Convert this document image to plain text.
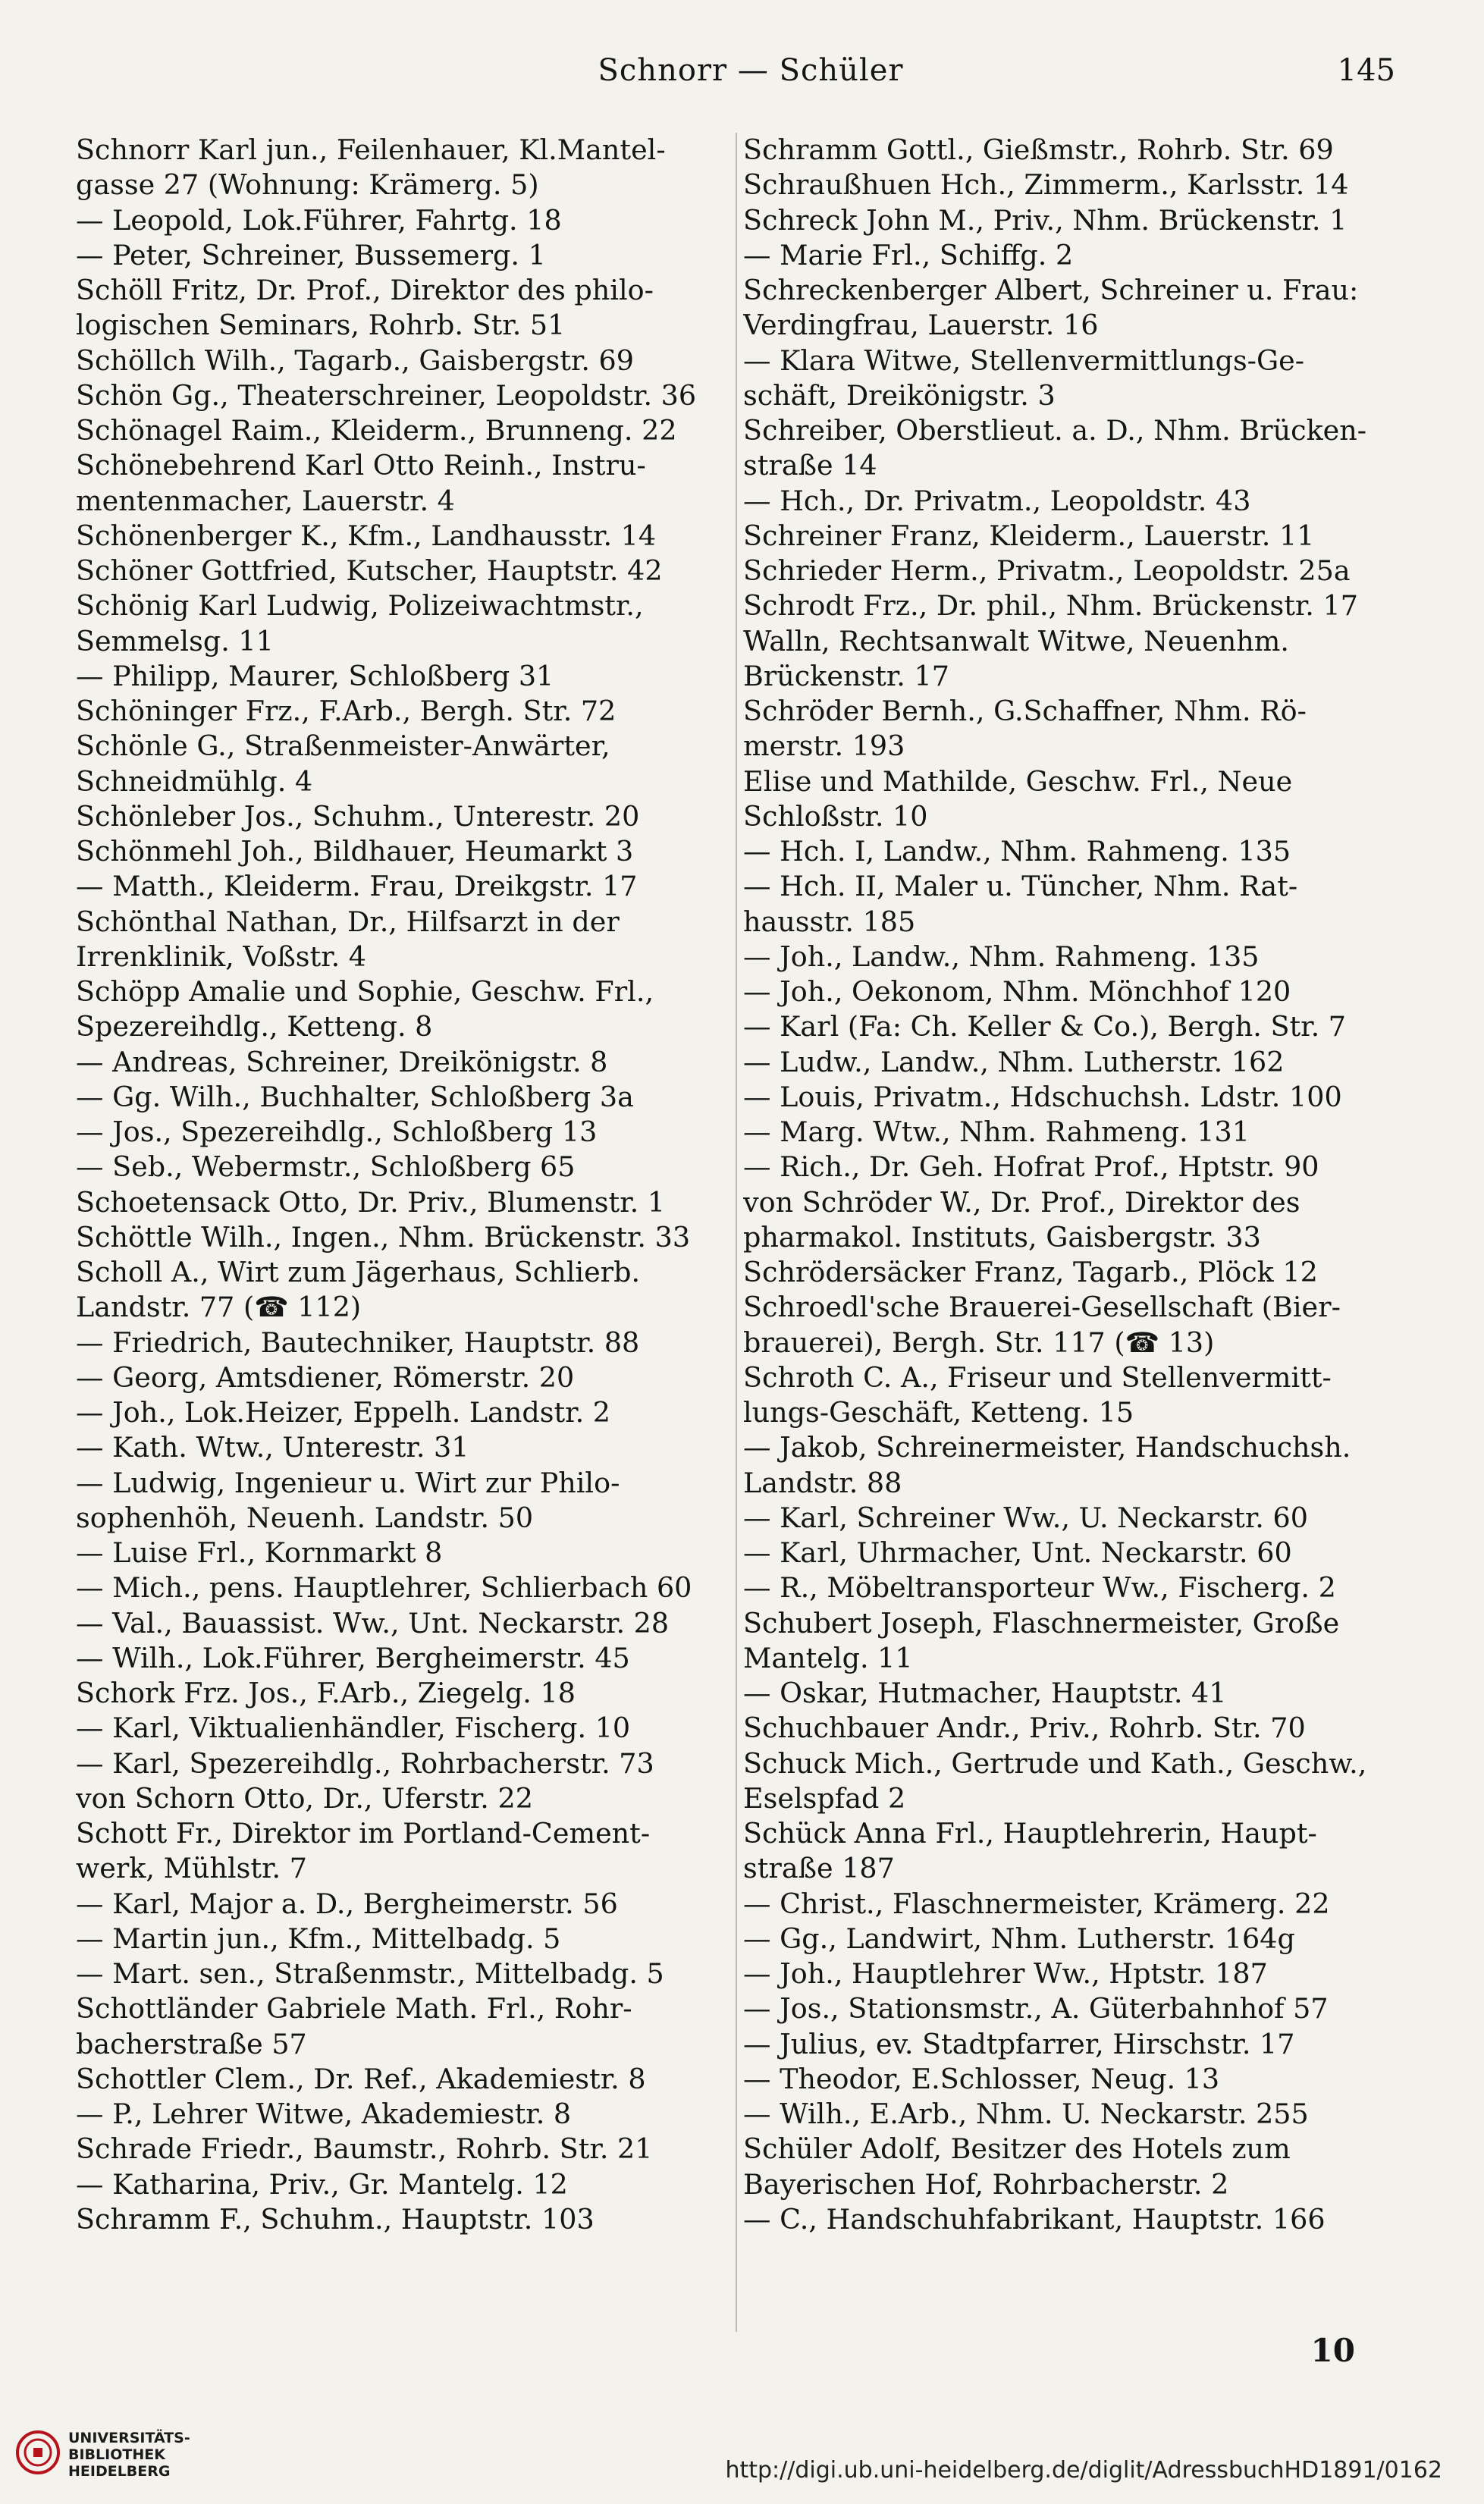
Schnorr — Schüler	145

Schnorr Karl jun., Feilenhauer, Kl.Mantel-

gasse 27 (Wohnung: Krämerg. 5)

— Leopold, Lok.Führer, Fahrtg. 18

— Peter, Schreiner, Bussemerg. 1

Schöll Fritz, Dr. Prof., Direktor des philo-

logischen Seminars, Rohrb. Str. 51

Schöllch Wilh., Tagarb., Gaisbergstr. 69

Schön Gg., Theaterschreiner, Leopoldstr. 36

Schönagel Raim., Kleiderm., Brunneng. 22

Schönebehrend Karl Otto Reinh., Instru-

mentenmacher, Lauerstr. 4

Schönenberger K., Kfm., Landhausstr. 14

Schöner Gottfried, Kutscher, Hauptstr. 42

Schönig Karl Ludwig, Polizeiwachtmstr.,

Semmelsg. 11

— Philipp, Maurer, Schloßberg 31

Schöninger Frz., F.Arb., Bergh. Str. 72

Schönle G., Straßenmeister-Anwärter,

Schneidmühlg. 4

Schönleber Jos., Schuhm., Unterestr. 20

Schönmehl Joh., Bildhauer, Heumarkt 3

— Matth., Kleiderm. Frau, Dreikgstr. 17

Schönthal Nathan, Dr., Hilfsarzt in der

Irrenklinik, Voßstr. 4

Schöpp Amalie und Sophie, Geschw. Frl.,

Spezereihdlg., Ketteng. 8

— Andreas, Schreiner, Dreikönigstr. 8

— Gg. Wilh., Buchhalter, Schloßberg 3a

— Jos., Spezereihdlg., Schloßberg 13

— Seb., Webermstr., Schloßberg 65

Schoetensack Otto, Dr. Priv., Blumenstr. 1

Schöttle Wilh., Ingen., Nhm. Brückenstr. 33

Scholl A., Wirt zum Jägerhaus, Schlierb.

Landstr. 77 (☎ 112)

— Friedrich, Bautechniker, Hauptstr. 88

— Georg, Amtsdiener, Römerstr. 20

— Joh., Lok.Heizer, Eppelh. Landstr. 2

— Kath. Wtw., Unterestr. 31

— Ludwig, Ingenieur u. Wirt zur Philo-

sophenhöh, Neuenh. Landstr. 50

— Luise Frl., Kornmarkt 8

— Mich., pens. Hauptlehrer, Schlierbach 60

— Val., Bauassist. Ww., Unt. Neckarstr. 28

— Wilh., Lok.Führer, Bergheimerstr. 45

Schork Frz. Jos., F.Arb., Ziegelg. 18

— Karl, Viktualienhändler, Fischerg. 10

— Karl, Spezereihdlg., Rohrbacherstr. 73

von Schorn Otto, Dr., Uferstr. 22

Schott Fr., Direktor im Portland-Cement-

werk, Mühlstr. 7

— Karl, Major a. D., Bergheimerstr. 56

— Martin jun., Kfm., Mittelbadg. 5

— Mart. sen., Straßenmstr., Mittelbadg. 5

Schottländer Gabriele Math. Frl., Rohr-

bacherstraße 57

Schottler Clem., Dr. Ref., Akademiestr. 8

— P., Lehrer Witwe, Akademiestr. 8

Schrade Friedr., Baumstr., Rohrb. Str. 21

— Katharina, Priv., Gr. Mantelg. 12

Schramm F., Schuhm., Hauptstr. 103

Schramm Gottl., Gießmstr., Rohrb. Str. 69

Schraußhuen Hch., Zimmerm., Karlsstr. 14

Schreck John M., Priv., Nhm. Brückenstr. 1

— Marie Frl., Schiffg. 2

Schreckenberger Albert, Schreiner u. Frau:

Verdingfrau, Lauerstr. 16

— Klara Witwe, Stellenvermittlungs-Ge-

schäft, Dreikönigstr. 3

Schreiber, Oberstlieut. a. D., Nhm. Brücken-

straße 14

— Hch., Dr. Privatm., Leopoldstr. 43

Schreiner Franz, Kleiderm., Lauerstr. 11

Schrieder Herm., Privatm., Leopoldstr. 25a

Schrodt Frz., Dr. phil., Nhm. Brückenstr. 17

Walln, Rechtsanwalt Witwe, Neuenhm.

Brückenstr. 17

Schröder Bernh., G.Schaffner, Nhm. Rö-

merstr. 193

Elise und Mathilde, Geschw. Frl., Neue

Schloßstr. 10

— Hch. I, Landw., Nhm. Rahmeng. 135

— Hch. II, Maler u. Tüncher, Nhm. Rat-

hausstr. 185

— Joh., Landw., Nhm. Rahmeng. 135

— Joh., Oekonom, Nhm. Mönchhof 120

— Karl (Fa: Ch. Keller & Co.), Bergh. Str. 7

— Ludw., Landw., Nhm. Lutherstr. 162

— Louis, Privatm., Hdschuchsh. Ldstr. 100

— Marg. Wtw., Nhm. Rahmeng. 131

— Rich., Dr. Geh. Hofrat Prof., Hptstr. 90

von Schröder W., Dr. Prof., Direktor des

pharmakol. Instituts, Gaisbergstr. 33

Schrödersäcker Franz, Tagarb., Plöck 12

Schroedl'sche Brauerei-Gesellschaft (Bier-

brauerei), Bergh. Str. 117 (☎ 13)

Schroth C. A., Friseur und Stellenvermitt-

lungs-Geschäft, Ketteng. 15

— Jakob, Schreinermeister, Handschuchsh.

Landstr. 88

— Karl, Schreiner Ww., U. Neckarstr. 60

— Karl, Uhrmacher, Unt. Neckarstr. 60

— R., Möbeltransporteur Ww., Fischerg. 2

Schubert Joseph, Flaschnermeister, Große

Mantelg. 11

— Oskar, Hutmacher, Hauptstr. 41

Schuchbauer Andr., Priv., Rohrb. Str. 70

Schuck Mich., Gertrude und Kath., Geschw.,

Eselspfad 2

Schück Anna Frl., Hauptlehrerin, Haupt-

straße 187

— Christ., Flaschnermeister, Krämerg. 22

— Gg., Landwirt, Nhm. Lutherstr. 164g

— Joh., Hauptlehrer Ww., Hptstr. 187

— Jos., Stationsmstr., A. Güterbahnhof 57

— Julius, ev. Stadtpfarrer, Hirschstr. 17

— Theodor, E.Schlosser, Neug. 13

— Wilh., E.Arb., Nhm. U. Neckarstr. 255

Schüler Adolf, Besitzer des Hotels zum

Bayerischen Hof, Rohrbacherstr. 2

— C., Handschuhfabrikant, Hauptstr. 166

10
UNIVERSITÄTS-
BIBLIOTHEK
HEIDELBERG	http://digi.ub.uni-heidelberg.de/diglit/AdressbuchHD1891/0162
